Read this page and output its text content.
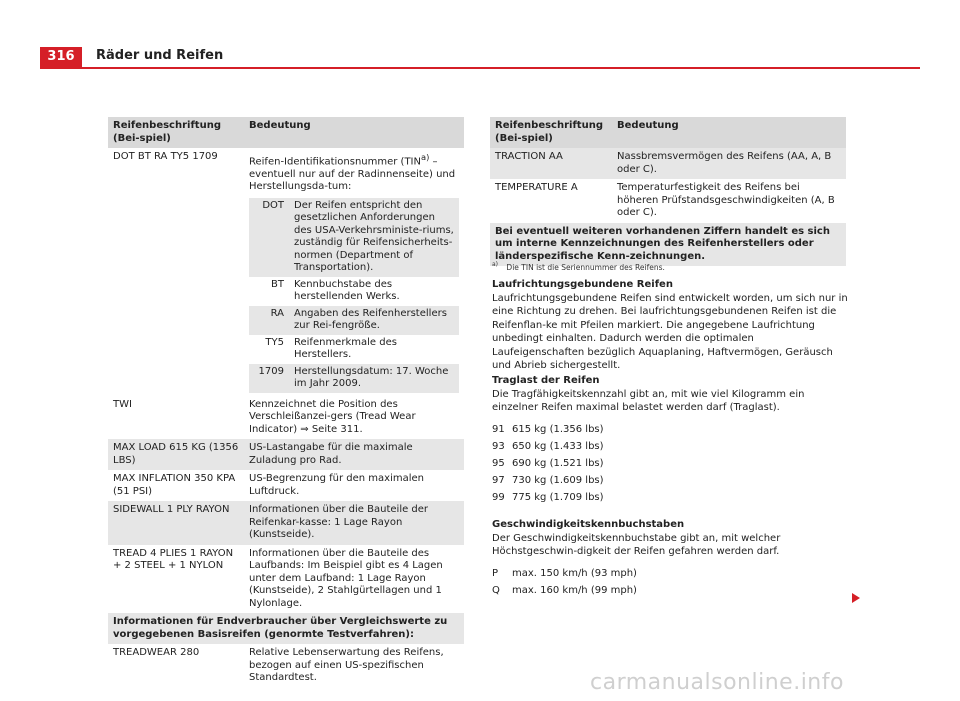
316	Räder und Reifen
Reifenbeschriftung (Bei-spiel)	Bedeutung
DOT BT RA TY5 1709	Reifen-Identifikationsnummer (TIN$^{a)}$ – eventuell nur auf der Radinnenseite) und Herstellungsda-tum:
DOT	Der Reifen entspricht den gesetzlichen Anforderungen des USA-Verkehrsministe-riums, zuständig für Reifensicherheits-normen (Department of Transportation).
BT	Kennbuchstabe des herstellenden Werks.
RA	Angaben des Reifenherstellers zur Rei-fengröße.
TY5	Reifenmerkmale des Herstellers.
1709	Herstellungsdatum: 17. Woche im Jahr 2009.

TWI	Kennzeichnet die Position des Verschleißanzei-gers (Tread Wear Indicator) ⇒ Seite 311.
MAX LOAD 615 KG (1356 LBS)	US-Lastangabe für die maximale Zuladung pro Rad.
MAX INFLATION 350 KPA (51 PSI)	US-Begrenzung für den maximalen Luftdruck.
SIDEWALL 1 PLY RAYON	Informationen über die Bauteile der Reifenkar-kasse: 1 Lage Rayon (Kunstseide).
TREAD 4 PLIES 1 RAYON + 2 STEEL + 1 NYLON	Informationen über die Bauteile des Laufbands: Im Beispiel gibt es 4 Lagen unter dem Laufband: 1 Lage Rayon (Kunstseide), 2 Stahlgürtellagen und 1 Nylonlage.
Informationen für Endverbraucher über Vergleichswerte zu vorgegebenen Basisreifen (genormte Testverfahren):
TREADWEAR 280	Relative Lebenserwartung des Reifens, bezogen auf einen US-spezifischen Standardtest.
Reifenbeschriftung (Bei-spiel)	Bedeutung
TRACTION AA	Nassbremsvermögen des Reifens (AA, A, B oder C).
TEMPERATURE A	Temperaturfestigkeit des Reifens bei höheren Prüfstandsgeschwindigkeiten (A, B oder C).
Bei eventuell weiteren vorhandenen Ziffern handelt es sich um interne Kennzeichnungen des Reifenherstellers oder länderspezifische Kenn-zeichnungen.	
$^{a)}$ Die TIN ist die Seriennummer des Reifens.
Laufrichtungsgebundene Reifen
Laufrichtungsgebundene Reifen sind entwickelt worden, um sich nur in eine Richtung zu drehen. Bei laufrichtungsgebundenen Reifen ist die Reifenflan-ke mit Pfeilen markiert. Die angegebene Laufrichtung unbedingt einhalten. Dadurch werden die optimalen Laufeigenschaften bezüglich Aquaplaning, Haftvermögen, Geräusch und Abrieb sichergestellt.
Traglast der Reifen
Die Tragfähigkeitskennzahl gibt an, mit wie viel Kilogramm ein einzelner Reifen maximal belastet werden darf (Traglast).
91 615 kg (1.356 lbs)
93 650 kg (1.433 lbs)
95 690 kg (1.521 lbs)
97 730 kg (1.609 lbs)
99 775 kg (1.709 lbs)
Geschwindigkeitskennbuchstaben
Der Geschwindigkeitskennbuchstabe gibt an, mit welcher Höchstgeschwin-digkeit der Reifen gefahren werden darf.
P	max. 150 km/h (93 mph)
Q	max. 160 km/h (99 mph)
carmanualsonline.info
